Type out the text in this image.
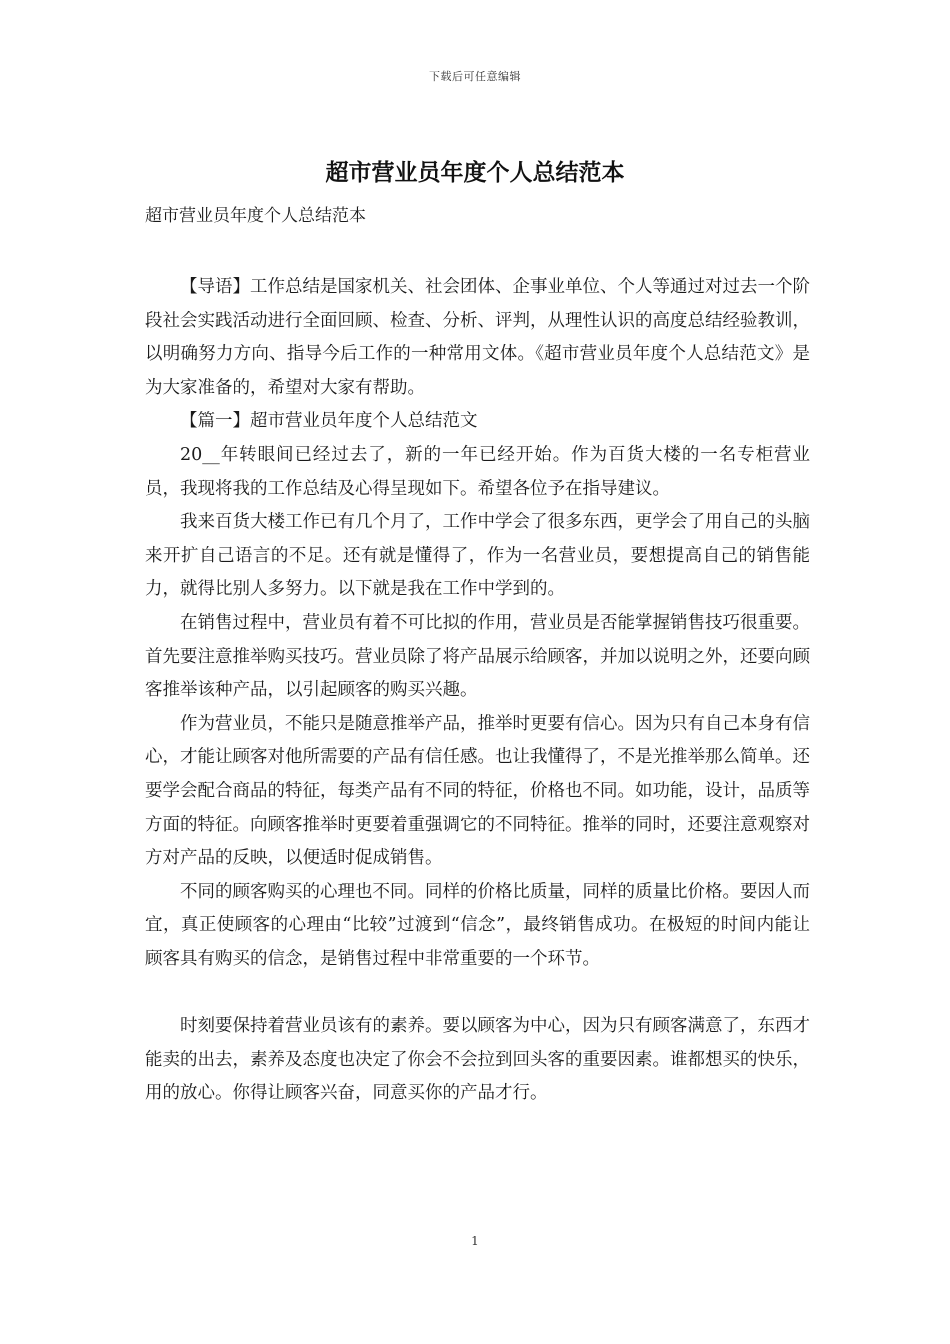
下载后可任意编辑
超市营业员年度个人总结范本
超市营业员年度个人总结范本

【导语】工作总结是国家机关、社会团体、企事业单位、个人等通过对过去一个阶段社会实践活动进行全面回顾、检查、分析、评判，从理性认识的高度总结经验教训，以明确努力方向、指导今后工作的一种常用文体。《超市营业员年度个人总结范文》是为大家准备的，希望对大家有帮助。

【篇一】超市营业员年度个人总结范文

20__年转眼间已经过去了，新的一年已经开始。作为百货大楼的一名专柜营业员，我现将我的工作总结及心得呈现如下。希望各位予在指导建议。

我来百货大楼工作已有几个月了，工作中学会了很多东西，更学会了用自己的头脑来开扩自己语言的不足。还有就是懂得了，作为一名营业员，要想提高自己的销售能力，就得比别人多努力。以下就是我在工作中学到的。

在销售过程中，营业员有着不可比拟的作用，营业员是否能掌握销售技巧很重要。首先要注意推举购买技巧。营业员除了将产品展示给顾客，并加以说明之外，还要向顾客推举该种产品，以引起顾客的购买兴趣。

作为营业员，不能只是随意推举产品，推举时更要有信心。因为只有自己本身有信心，才能让顾客对他所需要的产品有信任感。也让我懂得了，不是光推举那么简单。还要学会配合商品的特征，每类产品有不同的特征，价格也不同。如功能，设计，品质等方面的特征。向顾客推举时更要着重强调它的不同特征。推举的同时，还要注意观察对方对产品的反映，以便适时促成销售。

不同的顾客购买的心理也不同。同样的价格比质量，同样的质量比价格。要因人而宜，真正使顾客的心理由“比较”过渡到“信念”，最终销售成功。在极短的时间内能让顾客具有购买的信念，是销售过程中非常重要的一个环节。

时刻要保持着营业员该有的素养。要以顾客为中心，因为只有顾客满意了，东西才能卖的出去，素养及态度也决定了你会不会拉到回头客的重要因素。谁都想买的快乐，用的放心。你得让顾客兴奋，同意买你的产品才行。

1
